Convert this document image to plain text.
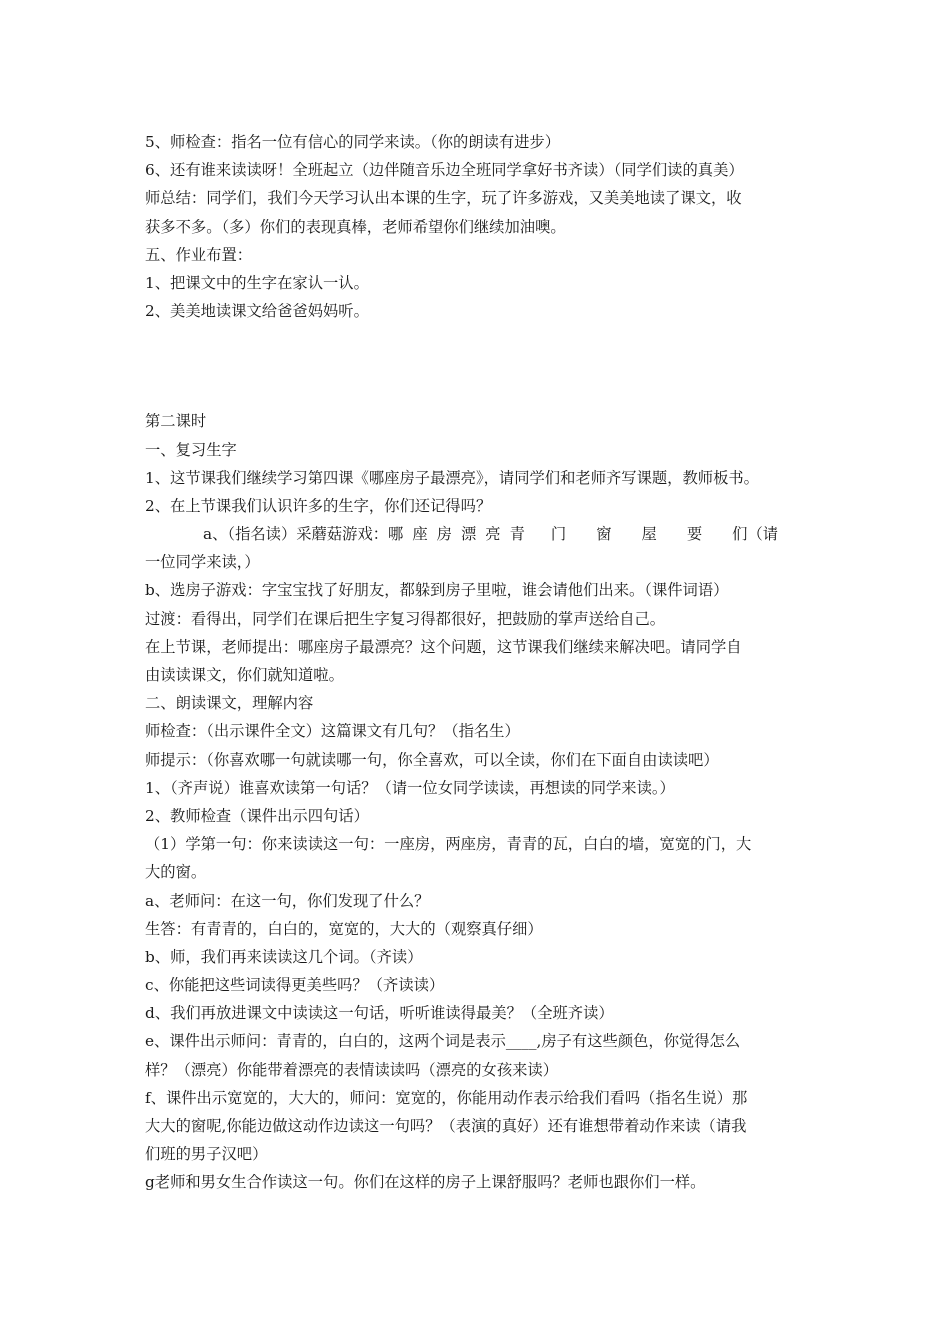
5、师检查：指名一位有信心的同学来读。（你的朗读有进步）
6、还有谁来读读呀！全班起立（边伴随音乐边全班同学拿好书齐读）（同学们读的真美）
师总结：同学们，我们今天学习认出本课的生字，玩了许多游戏，又美美地读了课文，收
获多不多。（多）你们的表现真棒，老师希望你们继续加油噢。
五、作业布置：
1、把课文中的生字在家认一认。
2、美美地读课文给爸爸妈妈听。
第二课时
一、复习生字
1、这节课我们继续学习第四课《哪座房子最漂亮》，请同学们和老师齐写课题，教师板书。
2、在上节课我们认识许多的生字，你们还记得吗？
a、（指名读）采蘑菇游戏：哪 座 房 漂 亮 青 门 窗 屋 要 们（请
一位同学来读，）
b、选房子游戏：字宝宝找了好朋友，都躲到房子里啦，谁会请他们出来。（课件词语）
过渡：看得出，同学们在课后把生字复习得都很好，把鼓励的掌声送给自己。
在上节课，老师提出：哪座房子最漂亮？这个问题，这节课我们继续来解决吧。请同学自
由读读课文，你们就知道啦。
二、朗读课文，理解内容
师检查：（出示课件全文）这篇课文有几句？（指名生）
师提示：（你喜欢哪一句就读哪一句，你全喜欢，可以全读，你们在下面自由读读吧）
1、（齐声说）谁喜欢读第一句话？（请一位女同学读读，再想读的同学来读。）
2、教师检查（课件出示四句话）
（1）学第一句：你来读读这一句：一座房，两座房，青青的瓦，白白的墙，宽宽的门，大
大的窗。
a、老师问：在这一句，你们发现了什么？
生答：有青青的，白白的，宽宽的，大大的（观察真仔细）
b、师，我们再来读读这几个词。（齐读）
c、你能把这些词读得更美些吗？（齐读读）
d、我们再放进课文中读读这一句话，听听谁读得最美？（全班齐读）
e、课件出示师问：青青的，白白的，这两个词是表示____,房子有这些颜色，你觉得怎么
样？（漂亮）你能带着漂亮的表情读读吗（漂亮的女孩来读）
f、课件出示宽宽的，大大的，师问：宽宽的，你能用动作表示给我们看吗（指名生说）那
大大的窗呢,你能边做这动作边读这一句吗？（表演的真好）还有谁想带着动作来读（请我
们班的男子汉吧）
g老师和男女生合作读这一句。你们在这样的房子上课舒服吗？老师也跟你们一样。
